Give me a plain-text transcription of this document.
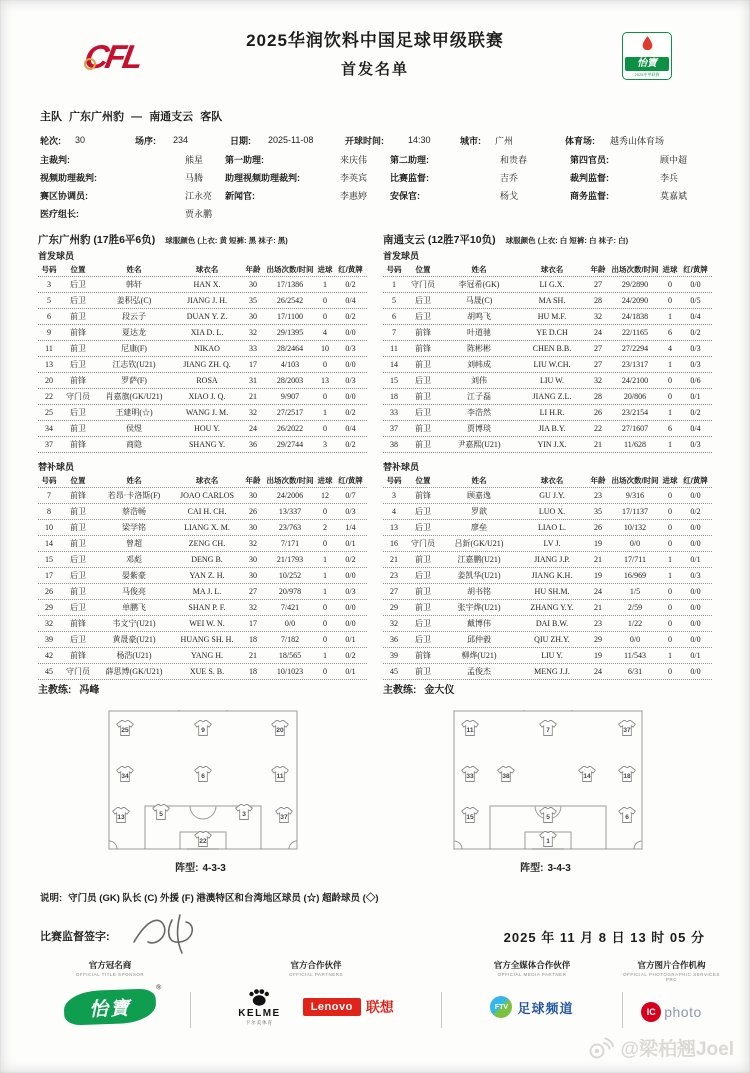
CFL	2025华润饮料中国足球甲级联赛
首发名单	怡寶
2025中甲联赛
主队 广东广州豹 — 南通支云 客队
轮次:	30	场序:	234	日期:	2025-11-08	开球时间:	14:30	城市:	广州	体育场:	越秀山体育场
主裁判:	熊星	第一助理:	来庆伟	第二助理:	和贵春	第四官员:	顾中超
视频助理裁判:	马腾	助理视频助理裁判:	李英宾	比赛监督:	吉乔	裁判监督:	李兵
赛区协调员:	江永亮	新闻官:	李惠婷	安保官:	杨戈	商务监督:	莫嘉斌
医疗组长:	贾永鹏
广东广州豹 (17胜6平6负) 球服颜色 (上衣: 黄 短裤: 黑 袜子: 黑)
首发球员
号码	位置	姓名	球衣名	年龄 出场次数/时间 进球 红/黄牌
3	后卫	韩轩	HAN X.	30	17/1386	1	0/2
5	后卫	姜积弘(C)	JIANG J. H.	35	26/2542	0	0/4
6	前卫	段云子	DUAN Y. Z.	30	17/1100	0	0/2
9	前锋	夏达龙	XIA D. L.	32	29/1395	4	0/0
11	前卫	尼康(F)	NIKAO	33	28/2464	10	0/3
13	后卫	江志钦(U21)	JIANG ZH. Q.	17	4/103	0	0/0
20	前锋	罗萨(F)	ROSA	31	28/2003	13	0/3
22	守门员	肖嘉旗(GK/U21)	XIAO J. Q.	21	9/907	0	0/0
25	后卫	王建明(☆)	WANG J. M.	32	27/2517	1	0/2
34	前卫	侯煜	HOU Y.	24	26/2022	0	0/4
37	前锋	商隐	SHANG Y.	36	29/2744	3	0/2
替补球员
号码	位置	姓名	球衣名	年龄 出场次数/时间 进球 红/黄牌
7	前锋	若昂·卡洛斯(F)	JOAO CARLOS	30	24/2006	12	0/7
8	前卫	蔡浩畅	CAI H. CH.	26	13/337	0	0/3
10	前卫	梁学铭	LIANG X. M.	30	23/763	2	1/4
14	前卫	曾超	ZENG CH.	32	7/171	0	0/1
15	后卫	邓彪	DENG B.	30	21/1793	1	0/2
17	后卫	晏紫豪	YAN Z. H.	30	10/252	1	0/0
26	前卫	马俊亮	MA J. L.	27	20/978	1	0/3
29	后卫	单鹏飞	SHAN P. F.	32	7/421	0	0/0
32	前锋	韦文宁(U21)	WEI W. N.	17	0/0	0	0/0
39	后卫	黄晟豪(U21)	HUANG SH. H.	18	7/182	0	0/1
42	前锋	杨浩(U21)	YANG H.	21	18/565	1	0/2
45	守门员	薛思博(GK/U21)	XUE S. B.	18	10/1023	0	0/1
主教练: 冯峰
25	9	20
34	6	11
13	5	3	37
22
阵型: 4-3-3
南通支云 (12胜7平10负) 球服颜色 (上衣: 白 短裤: 白 袜子: 白)
首发球员
号码	位置	姓名	球衣名	年龄 出场次数/时间 进球 红/黄牌
1	守门员	李冠希(GK)	LI G.X.	27	29/2890	0	0/0
5	后卫	马晟(C)	MA SH.	28	24/2090	0	0/5
6	后卫	胡鸣飞	HU M.F.	32	24/1838	1	0/4
7	前锋	叶道驰	YE D.CH	24	22/1165	6	0/2
11	前锋	陈彬彬	CHEN B.B.	27	27/2294	4	0/3
14	前卫	刘帏成	LIU W.CH.	27	23/1317	1	0/3
15	后卫	刘伟	LIU W.	32	24/2100	0	0/6
18	前卫	江子磊	JIANG Z.L.	28	20/806	0	0/1
33	后卫	李浩然	LI H.R.	26	23/2154	1	0/2
37	前卫	贾博琰	JIA B.Y.	22	27/1607	6	0/4
38	前卫	尹嘉熙(U21)	YIN J.X.	21	11/628	1	0/3
替补球员
号码	位置	姓名	球衣名	年龄 出场次数/时间 进球 红/黄牌
3	前锋	顾嘉逸	GU J.Y.	23	9/316	0	0/0
4	后卫	罗歆	LUO X.	35	17/1137	0	0/2
13	后卫	廖垒	LIAO L.	26	10/132	0	0/0
16	守门员	吕釿(GK/U21)	LV J.	19	0/0	0	0/0
21	前卫	江嘉鹏(U21)	JIANG J.P.	21	17/711	1	0/1
23	后卫	姜凯华(U21)	JIANG K.H.	19	16/969	1	0/3
27	前卫	胡书铭	HU SH.M.	24	1/5	0	0/0
29	前卫	张宇烨(U21)	ZHANG Y.Y.	21	2/59	0	0/0
32	后卫	戴博伟	DAI B.W.	23	1/22	0	0/0
36	后卫	邱仲毅	QIU ZH.Y.	29	0/0	0	0/0
39	前锋	柳烨(U21)	LIU Y.	19	11/543	1	0/1
45	前卫	孟俊杰	MENG J.J.	24	6/31	0	0/0
主教练: 金大仪
11	7	37
33	38	14	18
15	5	6
1
阵型: 3-4-3
说明: 守门员 (GK) 队长 (C) 外援 (F) 港澳特区和台湾地区球员 (☆) 超龄球员 (◇)
比赛监督签字:	2025 年 11 月 8 日 13 时 05 分
官方冠名商
OFFICIAL TITLE SPONSOR
怡寶
®
官方合作伙伴
OFFICIAL PARTNERS
KELME
卡尔美体育
Lenovo 联想
官方全媒体合作伙伴
OFFICIAL MEDIA PARTNER
FTV 足球频道
官方图片合作机构
OFFICIAL PHOTOGRAPHIC SERVICES PRC
IC photo
@梁柏翘Joel
